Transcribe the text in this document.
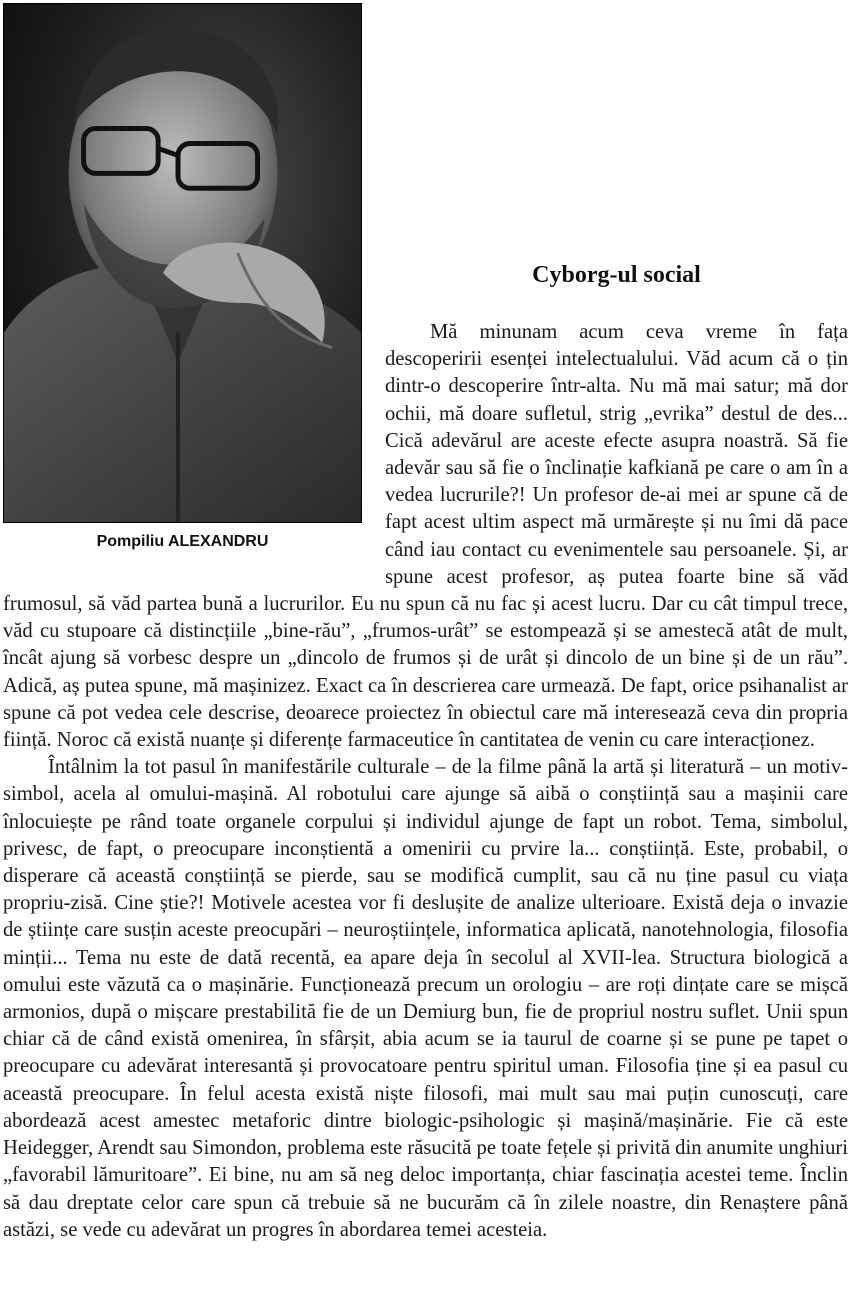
Pompiliu ALEXANDRU
Cyborg-ul social

Mă minunam acum ceva vreme în fața descoperirii esenței intelectualului. Văd acum că o țin dintr-o descoperire într-alta. Nu mă mai satur; mă dor ochii, mă doare sufletul, strig „evrika” destul de des... Cică adevărul are aceste efecte asupra noastră. Să fie adevăr sau să fie o înclinație kafkiană pe care o am în a vedea lucrurile?! Un profesor de-ai mei ar spune că de fapt acest ultim aspect mă urmărește și nu îmi dă pace când iau contact cu evenimentele sau persoanele. Și, ar spune acest profesor, aș putea foarte bine să văd frumosul, să văd partea bună a lucrurilor. Eu nu spun că nu fac și acest lucru. Dar cu cât timpul trece, văd cu stupoare că distincțiile „bine-rău”, „frumos-urât” se estompează și se amestecă atât de mult, încât ajung să vorbesc despre un „dincolo de frumos și de urât și dincolo de un bine și de un rău”. Adică, aș putea spune, mă mașinizez. Exact ca în descrierea care urmează. De fapt, orice psihanalist ar spune că pot vedea cele descrise, deoarece proiectez în obiectul care mă interesează ceva din propria ființă. Noroc că există nuanțe și diferențe farmaceutice în cantitatea de venin cu care interacționez.

Întâlnim la tot pasul în manifestările culturale – de la filme până la artă și literatură – un motiv-simbol, acela al omului-mașină. Al robotului care ajunge să aibă o conștiință sau a mașinii care înlocuiește pe rând toate organele corpului și individul ajunge de fapt un robot. Tema, simbolul, privesc, de fapt, o preocupare inconștientă a omenirii cu prvire la... conștiință. Este, probabil, o disperare că această conștiință se pierde, sau se modifică cumplit, sau că nu ține pasul cu viața propriu-zisă. Cine știe?! Motivele acestea vor fi deslușite de analize ulterioare. Există deja o invazie de științe care susțin aceste preocupări – neuroștiințele, informatica aplicată, nanotehnologia, filosofia minții... Tema nu este de dată recentă, ea apare deja în secolul al XVII-lea. Structura biologică a omului este văzută ca o mașinărie. Funcționează precum un orologiu – are roți dințate care se mișcă armonios, după o mișcare prestabilită fie de un Demiurg bun, fie de propriul nostru suflet. Unii spun chiar că de când există omenirea, în sfârșit, abia acum se ia taurul de coarne și se pune pe tapet o preocupare cu adevărat interesantă și provocatoare pentru spiritul uman. Filosofia ține și ea pasul cu această preocupare. În felul acesta există niște filosofi, mai mult sau mai puțin cunoscuți, care abordează acest amestec metaforic dintre biologic-psihologic și mașină/mașinărie. Fie că este Heidegger, Arendt sau Simondon, problema este răsucită pe toate fețele și privită din anumite unghiuri „favorabil lămuritoare”. Ei bine, nu am să neg deloc importanța, chiar fascinația acestei teme. Înclin să dau dreptate celor care spun că trebuie să ne bucurăm că în zilele noastre, din Renaștere până astăzi, se vede cu adevărat un progres în abordarea temei acesteia.
